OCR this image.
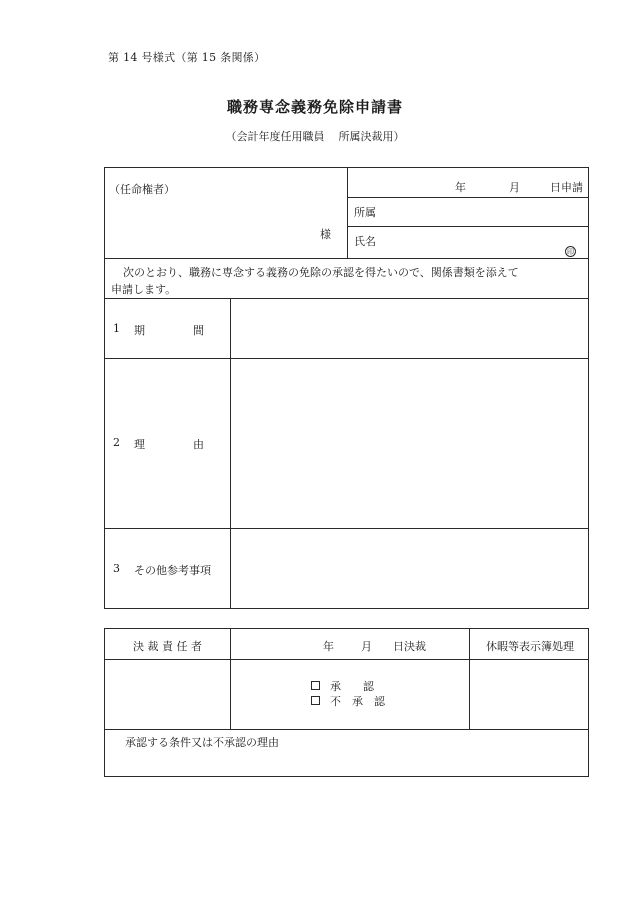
第 14 号様式（第 15 条関係）
職務専念義務免除申請書
（会計年度任用職員 所属決裁用）
（任命権者）
様
年	月	日申請
所属
氏名
印
次のとおり、職務に専念する義務の免除の承認を得たいので、関係書類を添えて
申請します。
1 期	間
2 理	由
3 その他参考事項
決 裁 責 任 者	年 月 日決裁	休暇等表示簿処理
承　　認
不　承　認
承認する条件又は不承認の理由
